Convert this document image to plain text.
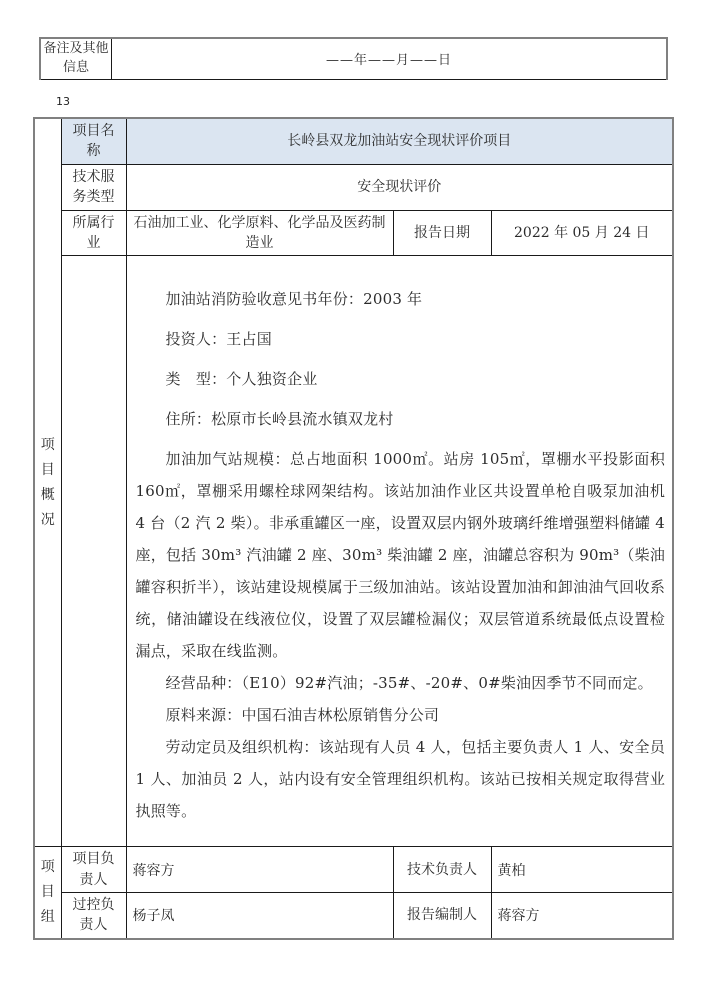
备注及其他信息	——年——月——日
13
项目概况	项目名称	长岭县双龙加油站安全现状评价项目		
	技术服务类型	安全现状评价		
	所属行业	石油加工业、化学原料、化学品及医药制造业	报告日期	2022 年 05 月 24 日

加油站消防验收意见书年份：2003 年

投资人：王占国

类　型：个人独资企业

住所：松原市长岭县流水镇双龙村

加油加气站规模：总占地面积 1000㎡。站房 105㎡，罩棚水平投影面积 160㎡，罩棚采用螺栓球网架结构。该站加油作业区共设置单枪自吸泵加油机 4 台（2 汽 2 柴）。非承重罐区一座，设置双层内钢外玻璃纤维增强塑料储罐 4 座，包括 30m³ 汽油罐 2 座、30m³ 柴油罐 2 座，油罐总容积为 90m³（柴油罐容积折半），该站建设规模属于三级加油站。该站设置加油和卸油油气回收系统，储油罐设在线液位仪，设置了双层罐检漏仪；双层管道系统最低点设置检漏点，采取在线监测。

经营品种：（E10）92#汽油；-35#、-20#、0#柴油因季节不同而定。

原料来源：中国石油吉林松原销售分公司

劳动定员及组织机构：该站现有人员 4 人，包括主要负责人 1 人、安全员 1 人、加油员 2 人，站内设有安全管理组织机构。该站已按相关规定取得营业执照等。

项目组	项目负责人	蒋容方	技术负责人	黄柏
	过控负责人	杨子凤	报告编制人	蒋容方
